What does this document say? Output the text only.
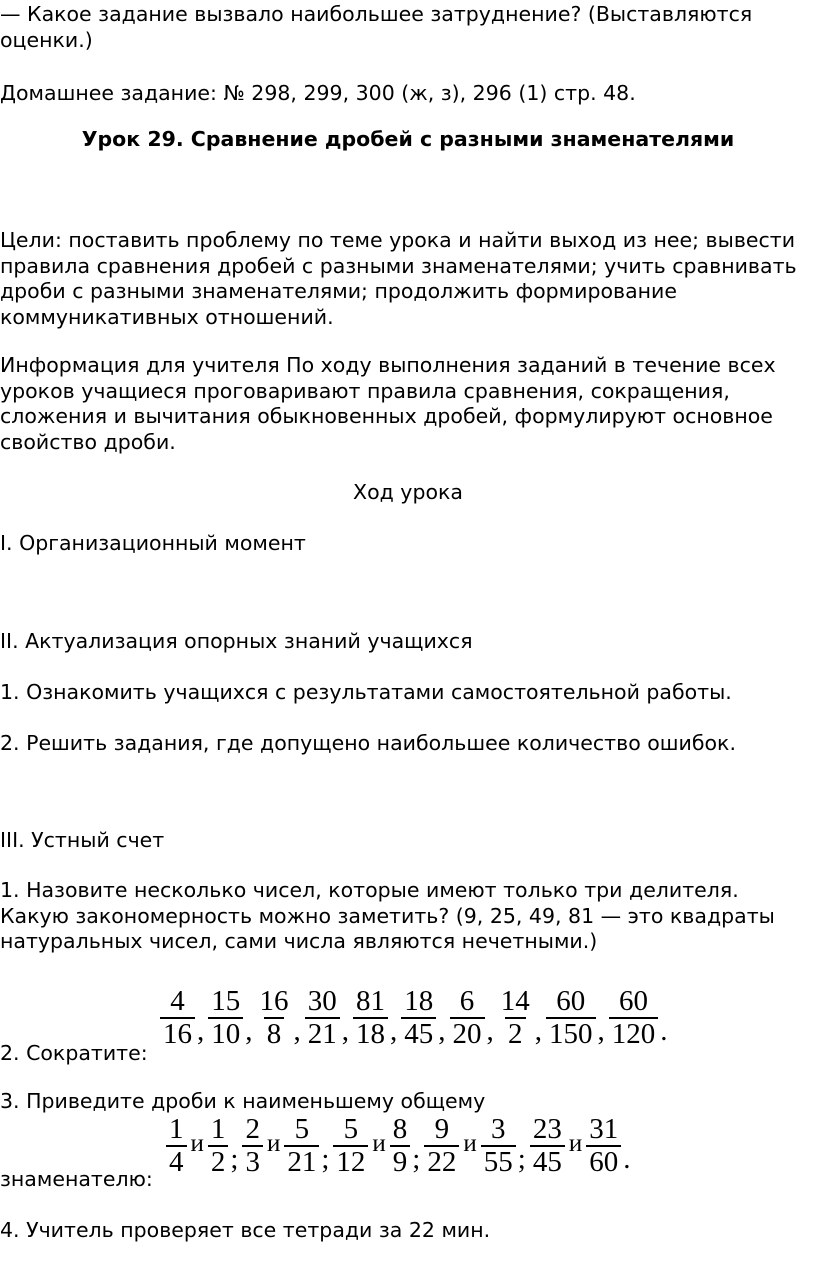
— Какое задание вызвало наибольшее затруднение? (Выставляются оценки.)
Домашнее задание: № 298, 299, 300 (ж, з), 296 (1) стр. 48.
Урок 29. Сравнение дробей с разными знаменателями
Цели: поставить проблему по теме урока и найти выход из нее; вывести правила сравнения дробей с разными знаменателями; учить сравнивать дроби с разными знаменателями; продолжить формирование коммуникативных отношений.
Информация для учителя По ходу выполнения заданий в течение всех уроков учащиеся проговаривают правила сравнения, сокращения, сложения и вычитания обыкновенных дробей, формулируют основное свойство дроби.
Ход урока
I. Организационный момент
II. Актуализация опорных знаний учащихся
1. Ознакомить учащихся с результатами самостоятельной работы.
2. Решить задания, где допущено наибольшее количество ошибок.
III. Устный счет
1. Назовите несколько чисел, которые имеют только три делителя. Какую закономерность можно заметить? (9, 25, 49, 81 — это квадраты натуральных чисел, сами числа являются нечетными.)
2. Сократите:
$\frac{4}{16}$ , $\frac{15}{10}$ , $\frac{16}{8}$ , $\frac{30}{21}$ , $\frac{81}{18}$ , $\frac{18}{45}$ , $\frac{6}{20}$ , $\frac{14}{2}$ , $\frac{60}{150}$ , $\frac{60}{120}$ .
3. Приведите дроби к наименьшему общему
знаменателю:
$\frac{1}{4}$ и $\frac{1}{2}$ ; $\frac{2}{3}$ и $\frac{5}{21}$ ; $\frac{5}{12}$ и $\frac{8}{9}$ ; $\frac{9}{22}$ и $\frac{3}{55}$ ; $\frac{23}{45}$ и $\frac{31}{60}$ .
4. Учитель проверяет все тетради за 22 мин.
